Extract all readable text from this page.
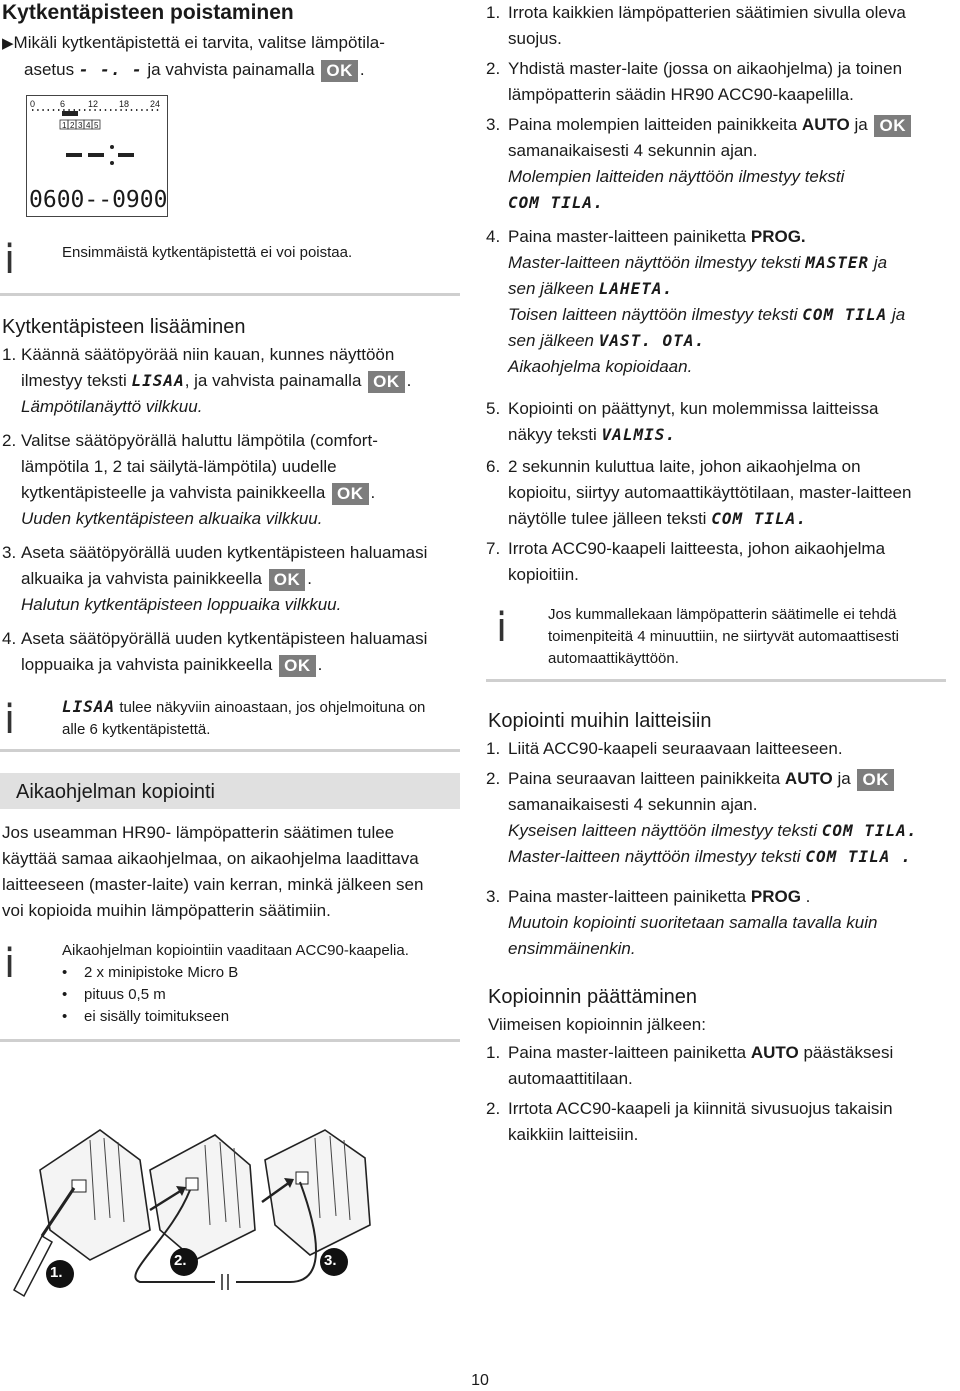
Kytkentäpisteen poistaminen
▶Mikäli kytkentäpistettä ei tarvita, valitse lämpötila-
asetus - -. - ja vahvista painamalla OK .
0	6	12 18 24
1 2 3 4 5
0600--0900
i	Ensimmäistä kytkentäpistettä ei voi poistaa.
Kytkentäpisteen lisääminen
1. Käännä säätöpyörää niin kauan, kunnes näyttöön
ilmestyy teksti LISAA, ja vahvista painamalla OK .
Lämpötilanäyttö vilkkuu.
2. Valitse säätöpyörällä haluttu lämpötila (comfort-
lämpötila 1, 2 tai säilytä-lämpötila) uudelle
kytkentäpisteelle ja vahvista painikkeella OK .
Uuden kytkentäpisteen alkuaika vilkkuu.
3. Aseta säätöpyörällä uuden kytkentäpisteen haluamasi
alkuaika ja vahvista painikkeella OK .
Halutun kytkentäpisteen loppuaika vilkkuu.
4. Aseta säätöpyörällä uuden kytkentäpisteen haluamasi
loppuaika ja vahvista painikkeella OK .
i	LISAA tulee näkyviin ainoastaan, jos ohjelmoituna on
alle 6 kytkentäpistettä.
Aikaohjelman kopiointi
Jos useamman HR90- lämpöpatterin säätimen tulee
käyttää samaa aikaohjelmaa, on aikaohjelma laadittava
laitteeseen (master-laite) vain kerran, minkä jälkeen sen
voi kopioida muihin lämpöpatterin säätimiin.
i	Aikaohjelman kopiointiin vaaditaan ACC90-kaapelia.
• 2 x minipistoke Micro B
• pituus 0,5 m
• ei sisälly toimitukseen
1.
2.	3.
1. Irrota kaikkien lämpöpatterien säätimien sivulla oleva
suojus.
2. Yhdistä master-laite (jossa on aikaohjelma) ja toinen
lämpöpatterin säädin HR90 ACC90-kaapelilla.
3. Paina molempien laitteiden painikkeita AUTO ja OK
samanaikaisesti 4 sekunnin ajan.
Molempien laitteiden näyttöön ilmestyy teksti
COM TILA.
4. Paina master-laitteen painiketta PROG.
Master-laitteen näyttöön ilmestyy teksti MASTER ja
sen jälkeen LAHETA.
Toisen laitteen näyttöön ilmestyy teksti COM TILA ja
sen jälkeen VAST. OTA.
Aikaohjelma kopioidaan.
5. Kopiointi on päättynyt, kun molemmissa laitteissa
näkyy teksti VALMIS.
6. 2 sekunnin kuluttua laite, johon aikaohjelma on
kopioitu, siirtyy automaattikäyttötilaan, master-laitteen
näytölle tulee jälleen teksti COM TILA.
7. Irrota ACC90-kaapeli laitteesta, johon aikaohjelma
kopioitiin.
i	Jos kummallekaan lämpöpatterin säätimelle ei tehdä
toimenpiteitä 4 minuuttiin, ne siirtyvät automaattisesti
automaattikäyttöön.
Kopiointi muihin laitteisiin
1. Liitä ACC90-kaapeli seuraavaan laitteeseen.
2. Paina seuraavan laitteen painikkeita AUTO ja OK
samanaikaisesti 4 sekunnin ajan.
Kyseisen laitteen näyttöön ilmestyy teksti COM TILA.
Master-laitteen näyttöön ilmestyy teksti COM TILA .
3. Paina master-laitteen painiketta PROG .
Muutoin kopiointi suoritetaan samalla tavalla kuin
ensimmäinenkin.
Kopioinnin päättäminen
Viimeisen kopioinnin jälkeen:
1. Paina master-laitteen painiketta AUTO päästäksesi
automaattitilaan.
2. Irrtota ACC90-kaapeli ja kiinnitä sivusuojus takaisin
kaikkiin laitteisiin.
10
